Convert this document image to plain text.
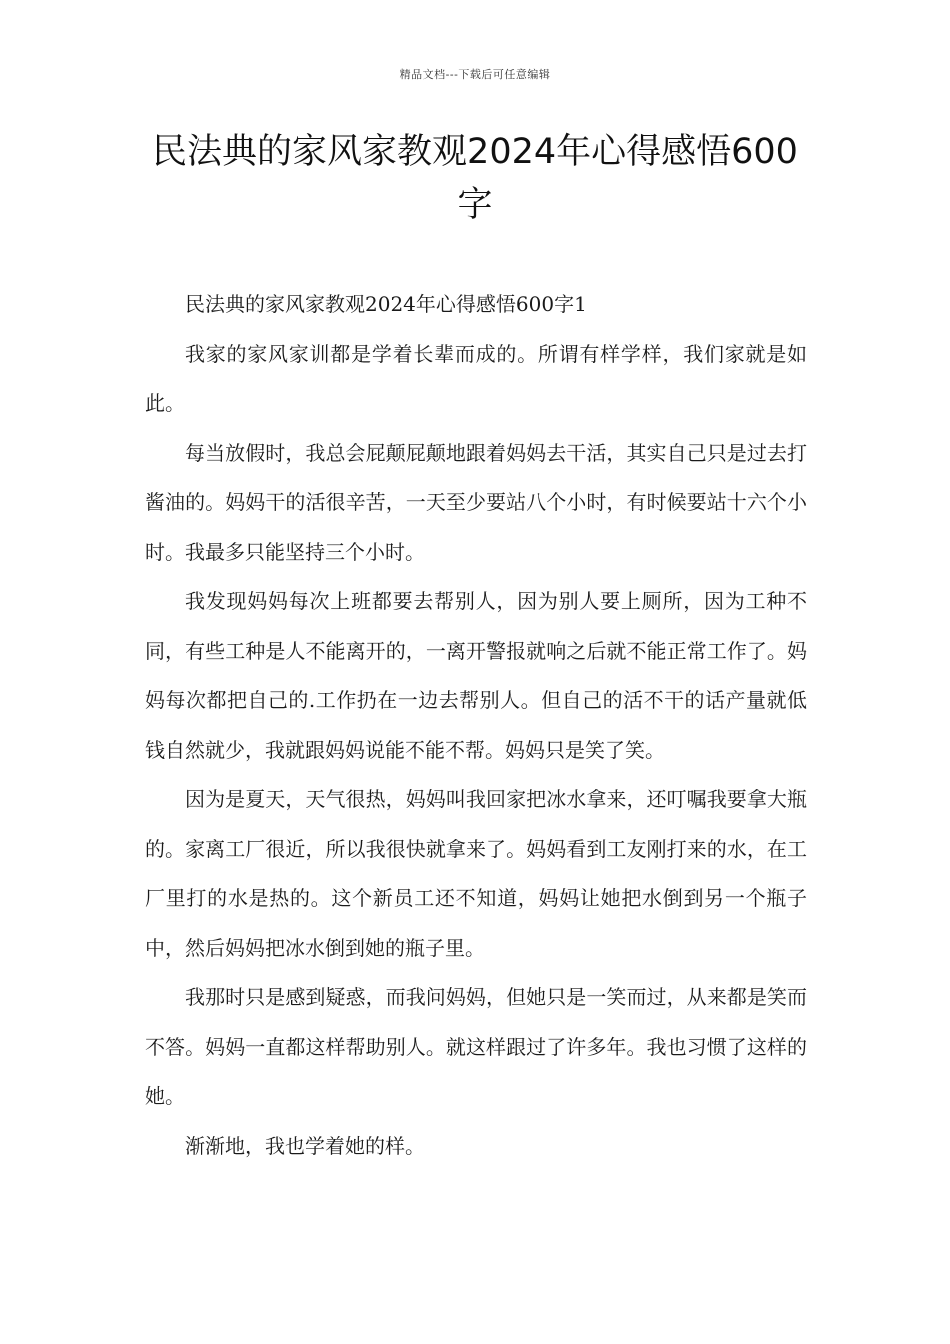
精品文档---下载后可任意编辑
民法典的家风家教观2024年心得感悟600字

民法典的家风家教观2024年心得感悟600字1

我家的家风家训都是学着长辈而成的。所谓有样学样，我们家就是如此。

每当放假时，我总会屁颠屁颠地跟着妈妈去干活，其实自己只是过去打酱油的。妈妈干的活很辛苦，一天至少要站八个小时，有时候要站十六个小时。我最多只能坚持三个小时。

我发现妈妈每次上班都要去帮别人，因为别人要上厕所，因为工种不同，有些工种是人不能离开的，一离开警报就响之后就不能正常工作了。妈妈每次都把自己的.工作扔在一边去帮别人。但自己的活不干的话产量就低钱自然就少，我就跟妈妈说能不能不帮。妈妈只是笑了笑。

因为是夏天，天气很热，妈妈叫我回家把冰水拿来，还叮嘱我要拿大瓶的。家离工厂很近，所以我很快就拿来了。妈妈看到工友刚打来的水，在工厂里打的水是热的。这个新员工还不知道，妈妈让她把水倒到另一个瓶子中，然后妈妈把冰水倒到她的瓶子里。

我那时只是感到疑惑，而我问妈妈，但她只是一笑而过，从来都是笑而不答。妈妈一直都这样帮助别人。就这样跟过了许多年。我也习惯了这样的她。

渐渐地，我也学着她的样。
